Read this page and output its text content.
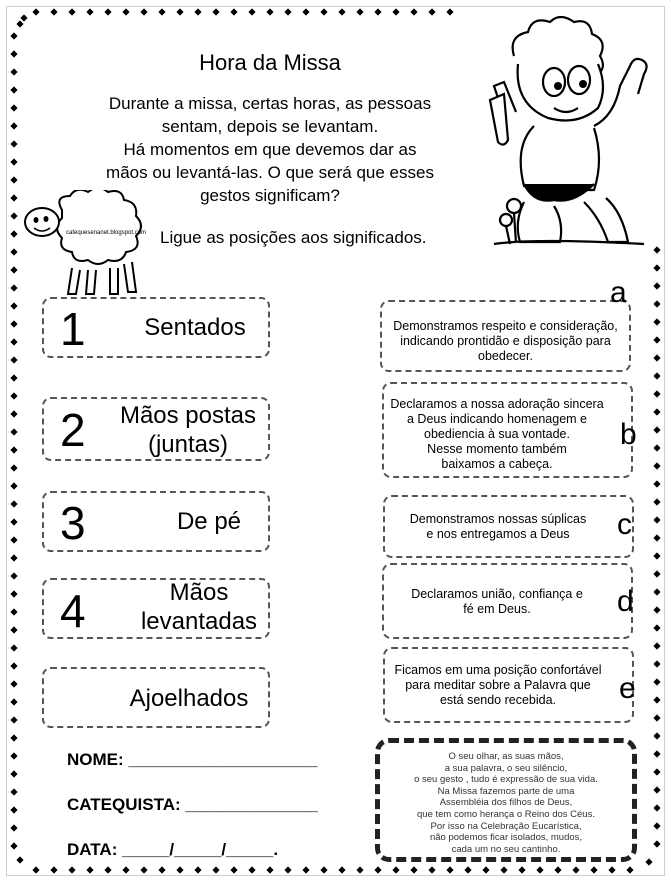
Hora da Missa
Durante a missa, certas horas, as pessoas
sentam, depois se levantam.
Há momentos em que devemos dar as
mãos ou levantá-las. O que será que esses
gestos significam?
Ligue as posições aos significados.
catequesenanet.blogspot.com
1	Sentados
2	Mãos postas
(juntas)
3	De pé
4	Mãos
levantadas
Ajoelhados
Demonstramos respeito e consideração,
indicando prontidão e disposição para
obedecer.
a
Declaramos a nossa adoração sincera
a Deus indicando homenagem e
obediencia à sua vontade.
Nesse momento também
baixamos a cabeça.
b
Demonstramos nossas súplicas
e nos entregamos a Deus	c
Declaramos união, confiança e
fé em Deus.	d
Ficamos em uma posição confortável
para meditar sobre a Palavra que
está sendo recebida.	e
NOME: ____________________
CATEQUISTA: ______________
DATA: _____/_____/_____.
O seu olhar, as suas mãos,
a sua palavra, o seu silêncio,
o seu gesto , tudo é expressão de sua vida.
Na Missa fazemos parte de uma
Assembléia dos filhos de Deus,
que tem como herança o Reino dos Céus.
Por isso na Celebração Eucarística,
não podemos ficar isolados, mudos,
cada um no seu cantinho.
